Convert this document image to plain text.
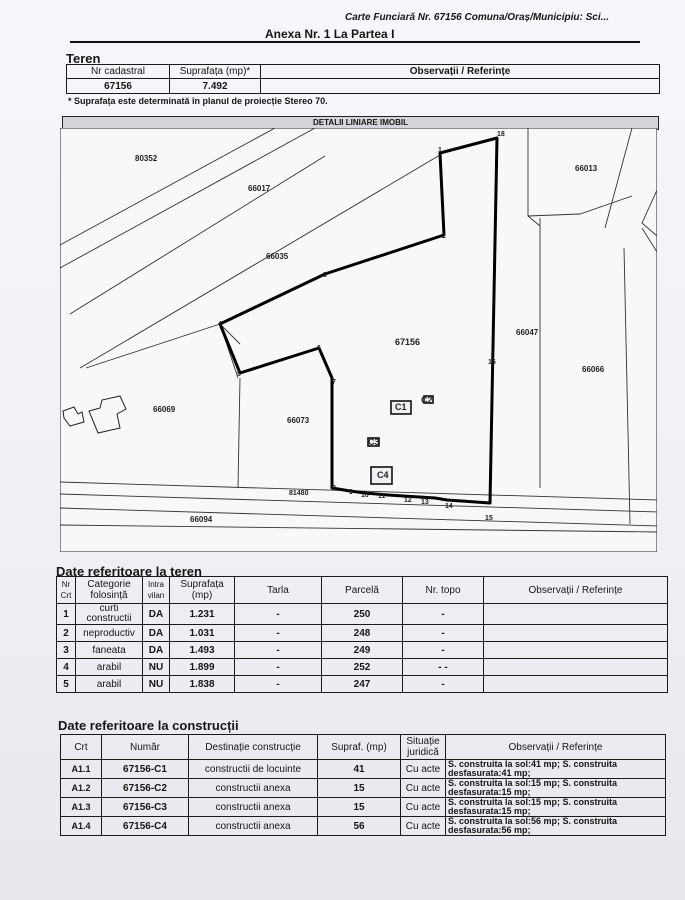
Carte Funciară Nr. 67156 Comuna/Oraș/Municipiu: Sci...
Anexa Nr. 1 La Partea I
Teren
Nr cadastral	Suprafața (mp)*	Observații / Referințe
67156	7.492	
* Suprafața este determinată în planul de proiecție Stereo 70.
DETALII LINIARE IMOBIL
80352
66017
66035
66013
67156
66047
66066
66069
66073
81480
66094
C1
C2
C3
C4
1
2
3
4
5
6
7
8
9 10 11
12 13
14
15
16
18
Date referitoare la teren
Nr Crt	Categorie folosință	Intra vilan	Suprafața (mp)	Tarla	Parcelă	Nr. topo	Observații / Referințe
1	curti constructii	DA	1.231	-	250	-	
2	neproductiv	DA	1.031	-	248	-	
3	faneata	DA	1.493	-	249	-	
4	arabil	NU	1.899	-	252	- -	
5	arabil	NU	1.838	-	247	-	
Date referitoare la construcții
Crt	Număr	Destinație construcție	Supraf. (mp)	Situație juridică	Observații / Referințe
A1.1	67156-C1	constructii de locuinte	41	Cu acte	S. construita la sol:41 mp; S. construita
desfasurata:41 mp;

A1.2	67156-C2	constructii anexa	15	Cu acte	S. construita la sol:15 mp; S. construita
desfasurata:15 mp;

A1.3	67156-C3	constructii anexa	15	Cu acte	S. construita la sol:15 mp; S. construita
desfasurata:15 mp;

A1.4	67156-C4	constructii anexa	56	Cu acte	S. construita la sol:56 mp; S. construita
desfasurata:56 mp;
